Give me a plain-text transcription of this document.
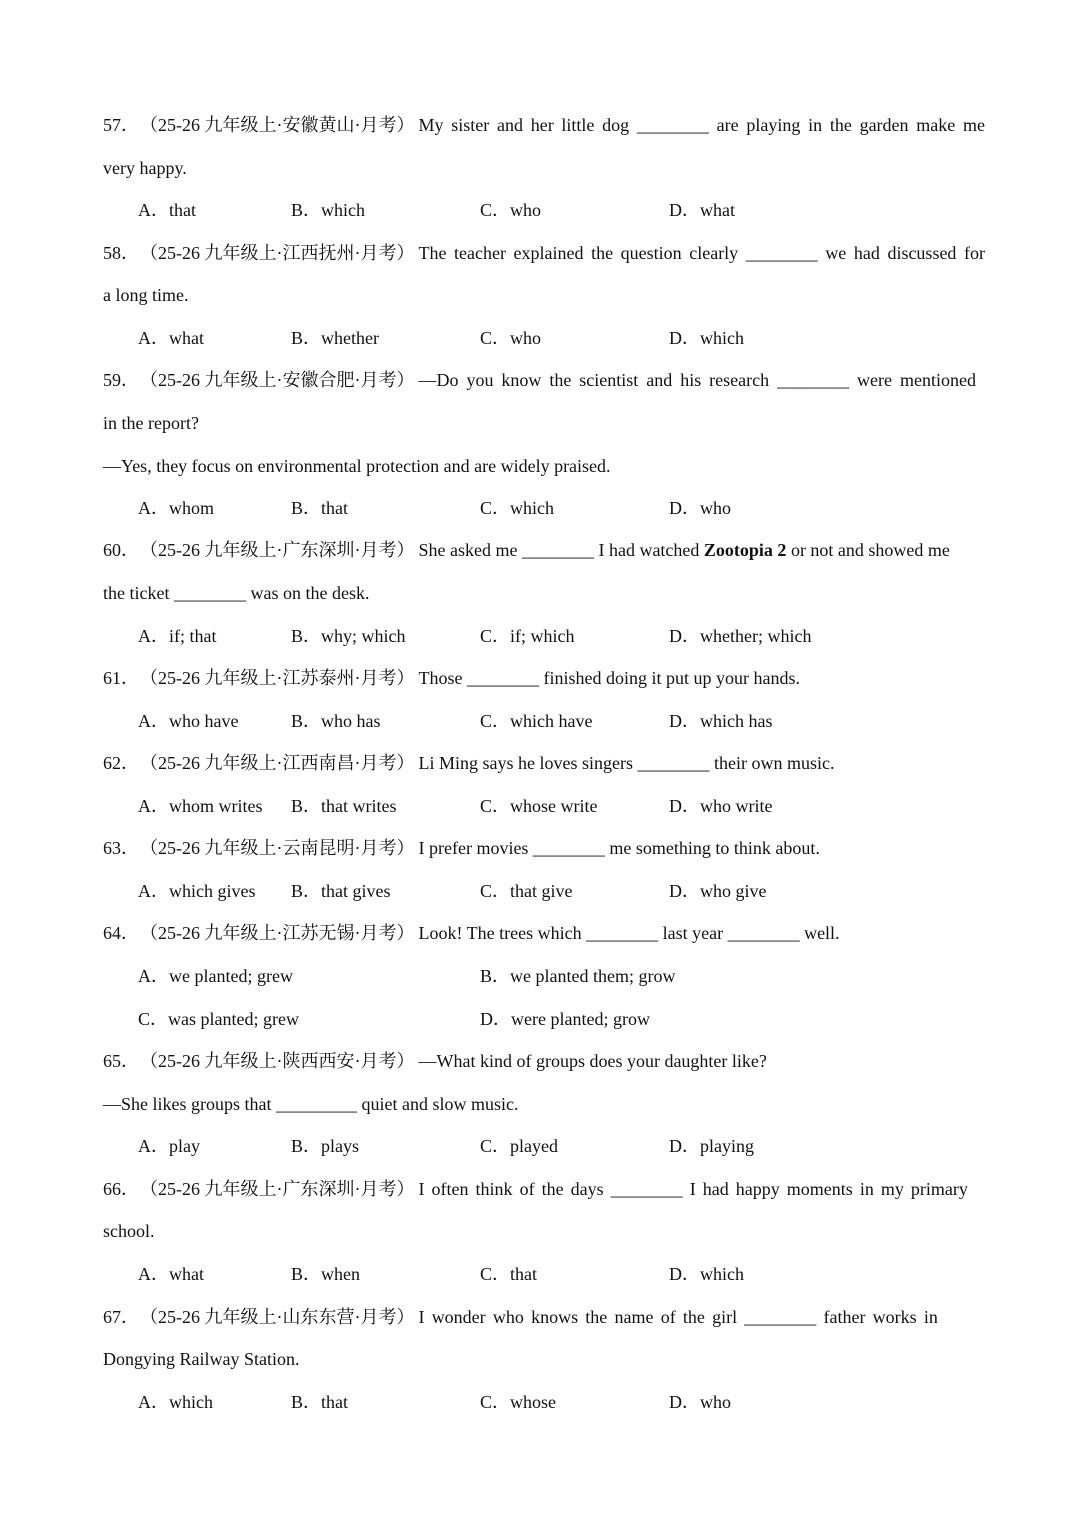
57． （25-26 九年级上·安徽黄山·月考） My sister and her little dog ________ are playing in the garden make me
very happy.
A．that	B．which	C．who	D．what
58． （25-26 九年级上·江西抚州·月考） The teacher explained the question clearly ________ we had discussed for
a long time.
A．what	B．whether	C．who	D．which
59． （25-26 九年级上·安徽合肥·月考） —Do you know the scientist and his research ________ were mentioned
in the report?
—Yes, they focus on environmental protection and are widely praised.
A．whom	B．that	C．which	D．who
60． （25-26 九年级上·广东深圳·月考） She asked me ________ I had watched Zootopia 2 or not and showed me
the ticket ________ was on the desk.
A．if; that	B．why; which	C．if; which	D．whether; which
61． （25-26 九年级上·江苏泰州·月考） Those ________ finished doing it put up your hands.
A．who have	B．who has	C．which have	D．which has
62． （25-26 九年级上·江西南昌·月考） Li Ming says he loves singers ________ their own music.
A．whom writes B．that writes	C．whose write	D．who write
63． （25-26 九年级上·云南昆明·月考） I prefer movies ________ me something to think about.
A．which gives B．that gives	C．that give	D．who give
64． （25-26 九年级上·江苏无锡·月考） Look! The trees which ________ last year ________ well.
A．we planted; grew	B．we planted them; grow
C．was planted; grew	D．were planted; grow
65． （25-26 九年级上·陕西西安·月考） —What kind of groups does your daughter like?
—She likes groups that _________ quiet and slow music.
A．play	B．plays	C．played	D．playing
66． （25-26 九年级上·广东深圳·月考） I often think of the days ________ I had happy moments in my primary
school.
A．what	B．when	C．that	D．which
67． （25-26 九年级上·山东东营·月考） I wonder who knows the name of the girl ________ father works in
Dongying Railway Station.
A．which	B．that	C．whose	D．who
